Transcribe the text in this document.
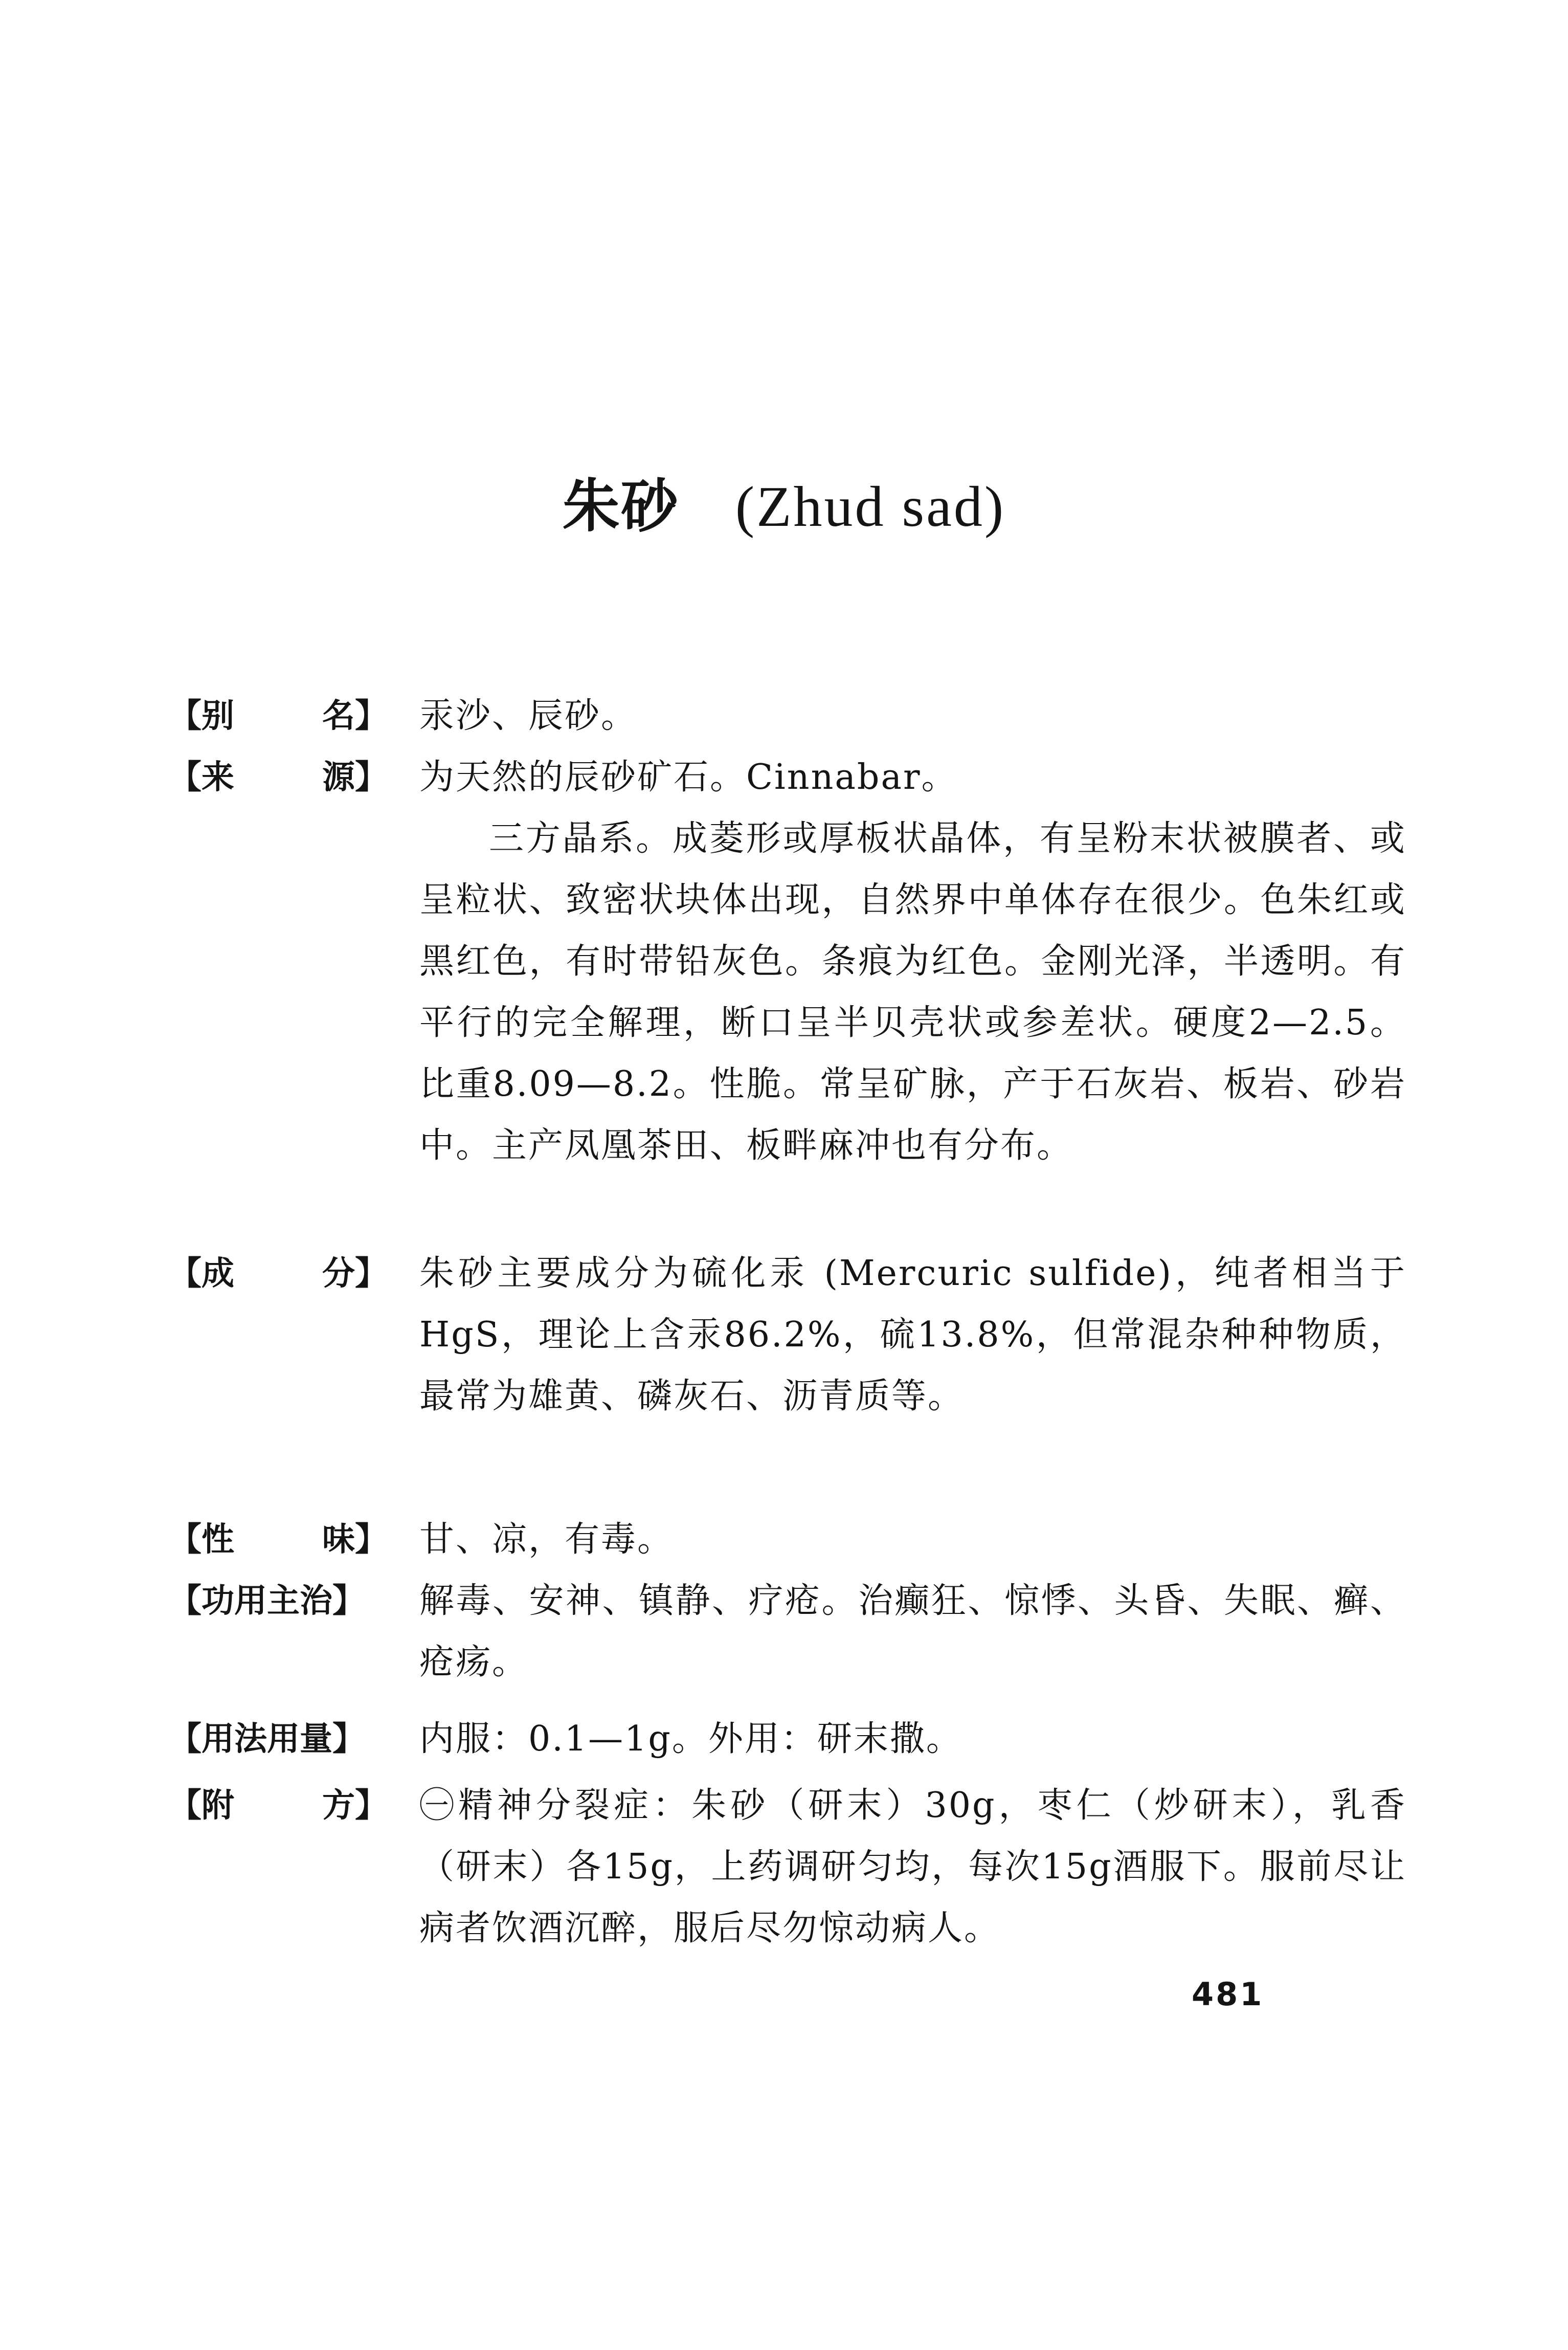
朱砂 (Zhud sad)
【别	名】 汞沙、辰砂。

【来	源】 为天然的辰砂矿石。Cinnabar。

三方晶系。成菱形或厚板状晶体，有呈粉末状被膜者、或呈粒状、致密状块体出现，自然界中单体存在很少。色朱红或黑红色，有时带铅灰色。条痕为红色。金刚光泽，半透明。有平行的完全解理，断口呈半贝壳状或参差状。硬度2—2.5。比重8.09—8.2。性脆。常呈矿脉，产于石灰岩、板岩、砂岩中。主产凤凰茶田、板畔麻冲也有分布。

【成	分】 朱砂主要成分为硫化汞 (Mercuric sulfide)，纯者相当于HgS，理论上含汞86.2%，硫13.8%，但常混杂种种物质，最常为雄黄、磷灰石、沥青质等。

【性	味】 甘、凉，有毒。

【功用主治】 解毒、安神、镇静、疗疮。治癫狂、惊悸、头昏、失眠、癣、疮疡。

【用法用量】 内服：0.1—1g。外用：研末撒。

【附	方】 ㊀精神分裂症：朱砂（研末）30g，枣仁（炒研末），乳香（研末）各15g，上药调研匀均，每次15g酒服下。服前尽让病者饮酒沉醉，服后尽勿惊动病人。

481
